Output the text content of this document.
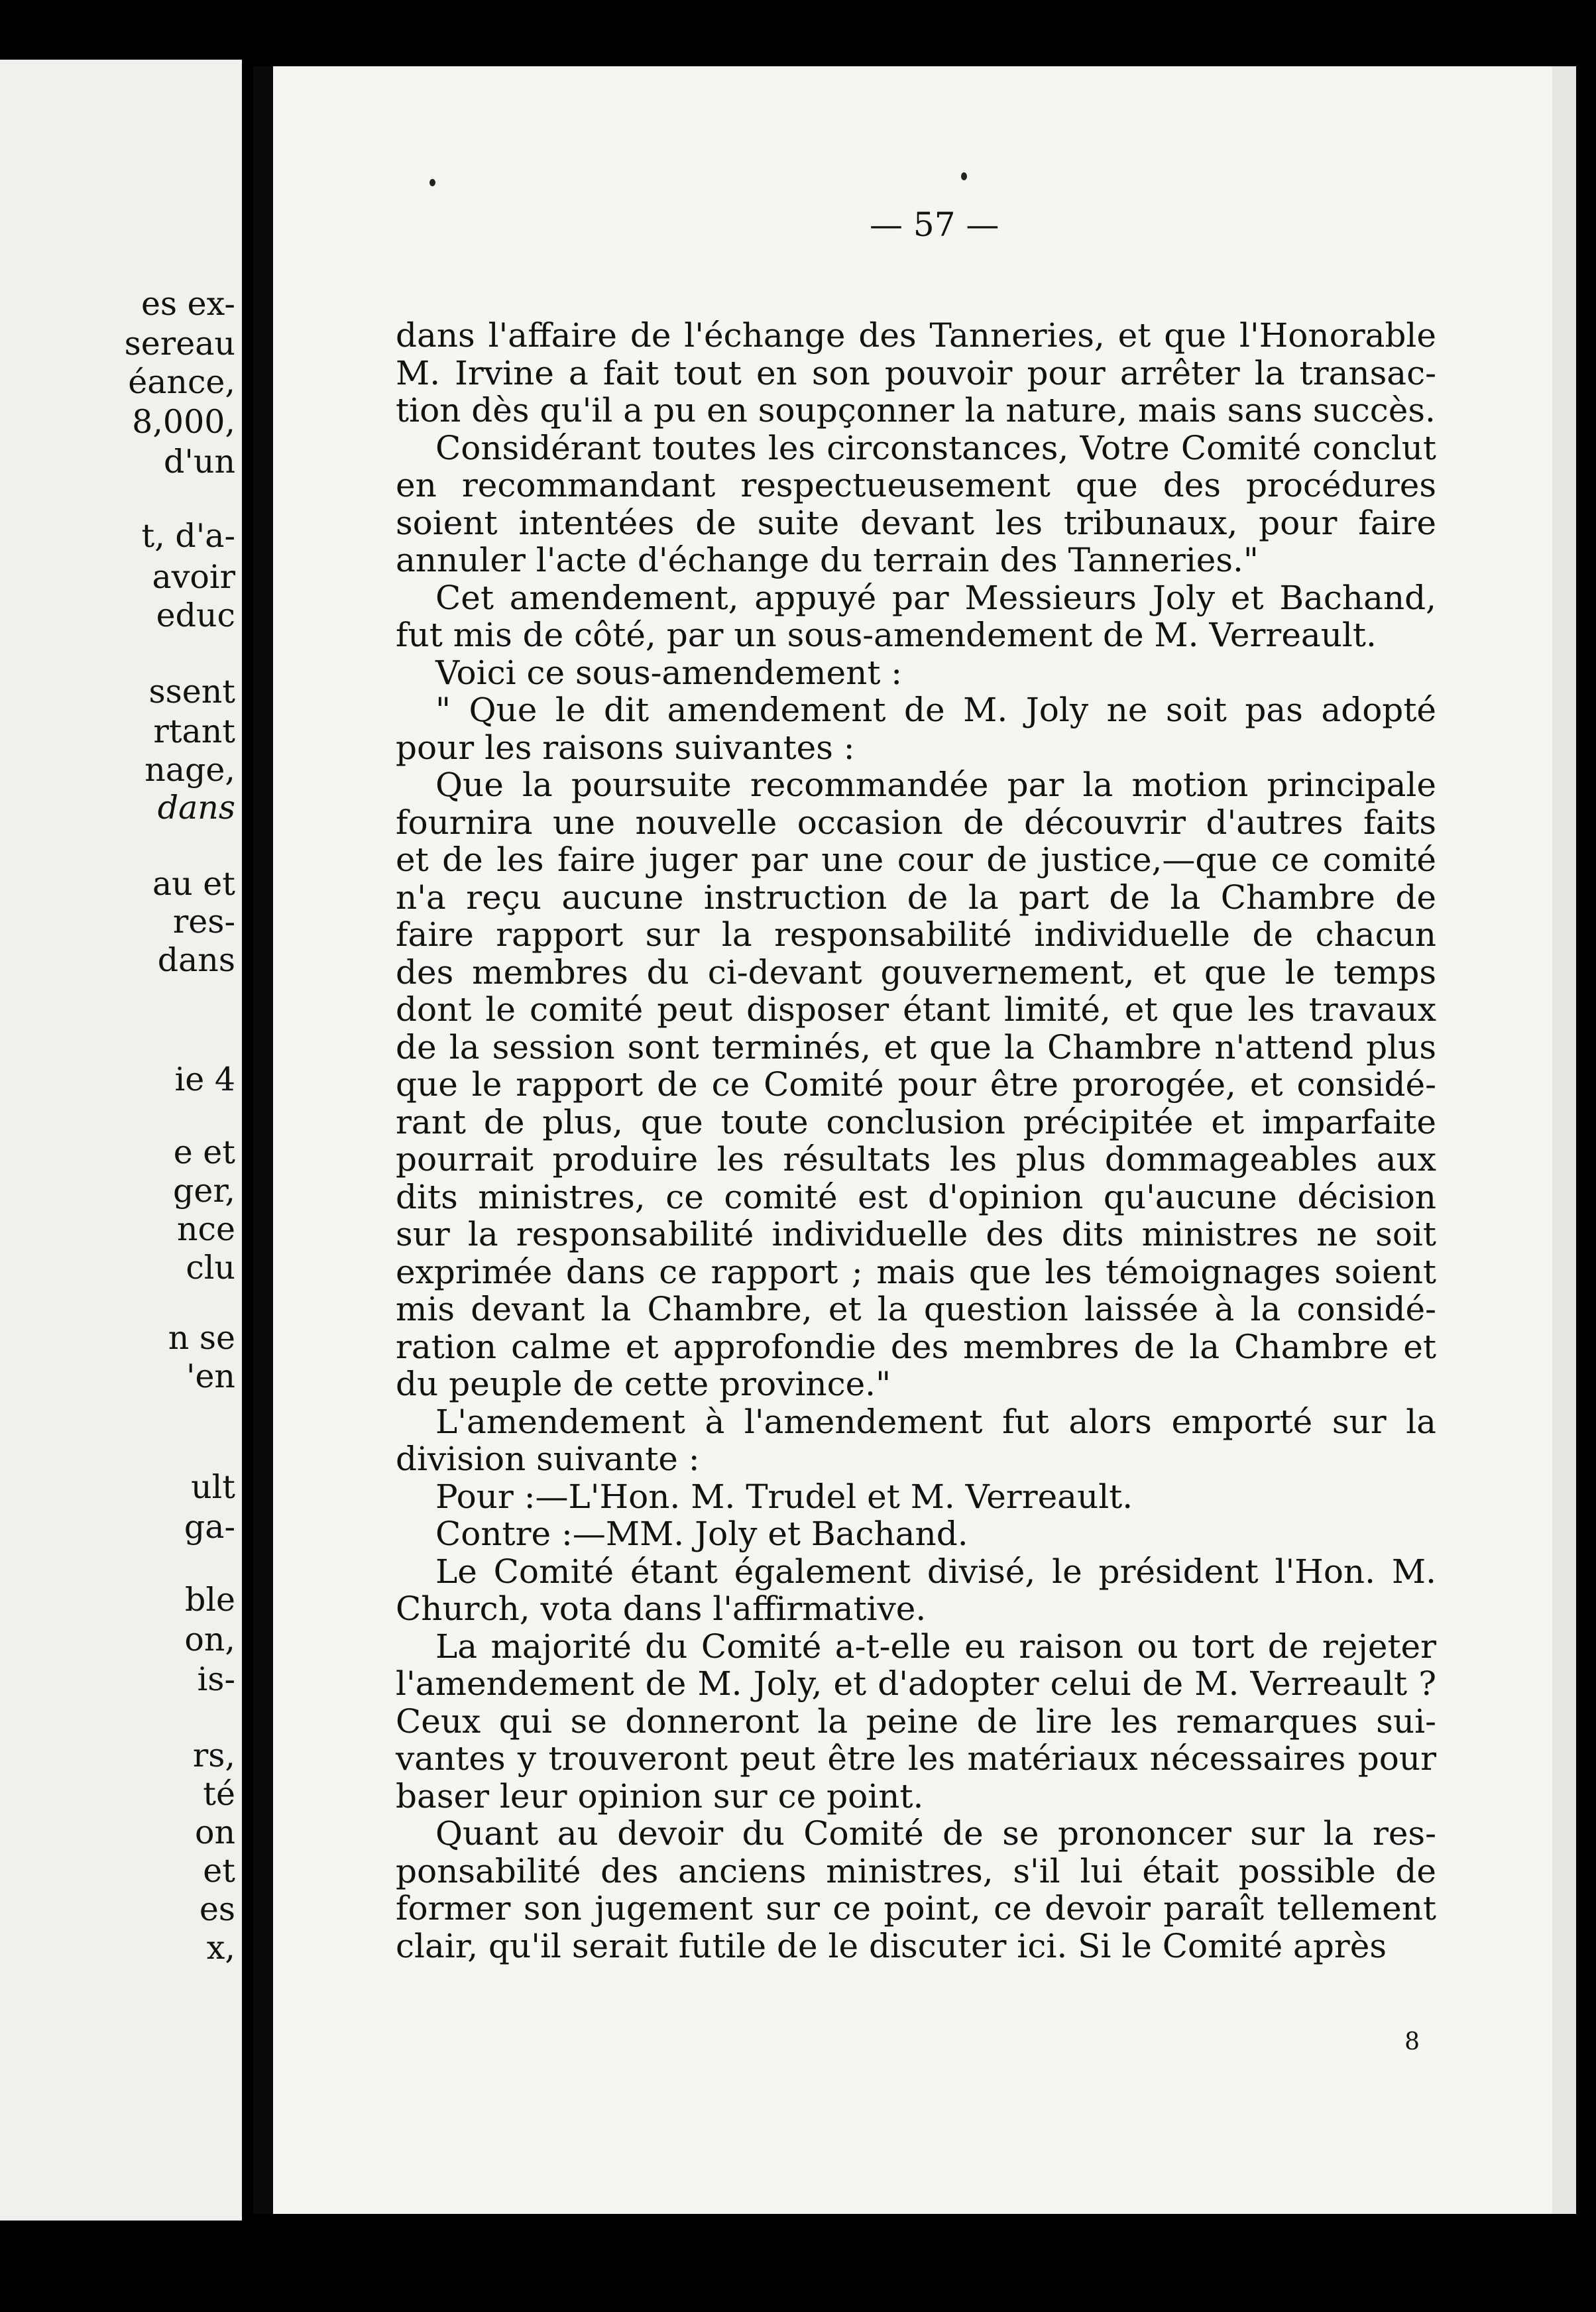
es ex-
sereau
éance,
8,000,
d'un
t, d'a-
avoir
educ
ssent
rtant
nage,
dans
au et
res-
dans
ie 4
e et
ger,
nce
clu
n se
'en
ult
ga-
ble
on,
is-
rs,
té
on
et
es
x,
— 57 —
dans l'affaire de l'échange des Tanneries, et que l'Honorable
M. Irvine a fait tout en son pouvoir pour arrêter la transac-
tion dès qu'il a pu en soupçonner la nature, mais sans succès.
Considérant toutes les circonstances, Votre Comité conclut
en recommandant respectueusement que des procédures
soient intentées de suite devant les tribunaux, pour faire
annuler l'acte d'échange du terrain des Tanneries."
Cet amendement, appuyé par Messieurs Joly et Bachand,
fut mis de côté, par un sous-amendement de M. Verreault.
Voici ce sous-amendement :
" Que le dit amendement de M. Joly ne soit pas adopté
pour les raisons suivantes :
Que la poursuite recommandée par la motion principale
fournira une nouvelle occasion de découvrir d'autres faits
et de les faire juger par une cour de justice,—que ce comité
n'a reçu aucune instruction de la part de la Chambre de
faire rapport sur la responsabilité individuelle de chacun
des membres du ci-devant gouvernement, et que le temps
dont le comité peut disposer étant limité, et que les travaux
de la session sont terminés, et que la Chambre n'attend plus
que le rapport de ce Comité pour être prorogée, et considé-
rant de plus, que toute conclusion précipitée et imparfaite
pourrait produire les résultats les plus dommageables aux
dits ministres, ce comité est d'opinion qu'aucune décision
sur la responsabilité individuelle des dits ministres ne soit
exprimée dans ce rapport ; mais que les témoignages soient
mis devant la Chambre, et la question laissée à la considé-
ration calme et approfondie des membres de la Chambre et
du peuple de cette province."
L'amendement à l'amendement fut alors emporté sur la
division suivante :
Pour :—L'Hon. M. Trudel et M. Verreault.
Contre :—MM. Joly et Bachand.
Le Comité étant également divisé, le président l'Hon. M.
Church, vota dans l'affirmative.
La majorité du Comité a-t-elle eu raison ou tort de rejeter
l'amendement de M. Joly, et d'adopter celui de M. Verreault ?
Ceux qui se donneront la peine de lire les remarques sui-
vantes y trouveront peut être les matériaux nécessaires pour
baser leur opinion sur ce point.
Quant au devoir du Comité de se prononcer sur la res-
ponsabilité des anciens ministres, s'il lui était possible de
former son jugement sur ce point, ce devoir paraît tellement
clair, qu'il serait futile de le discuter ici. Si le Comité après
8
